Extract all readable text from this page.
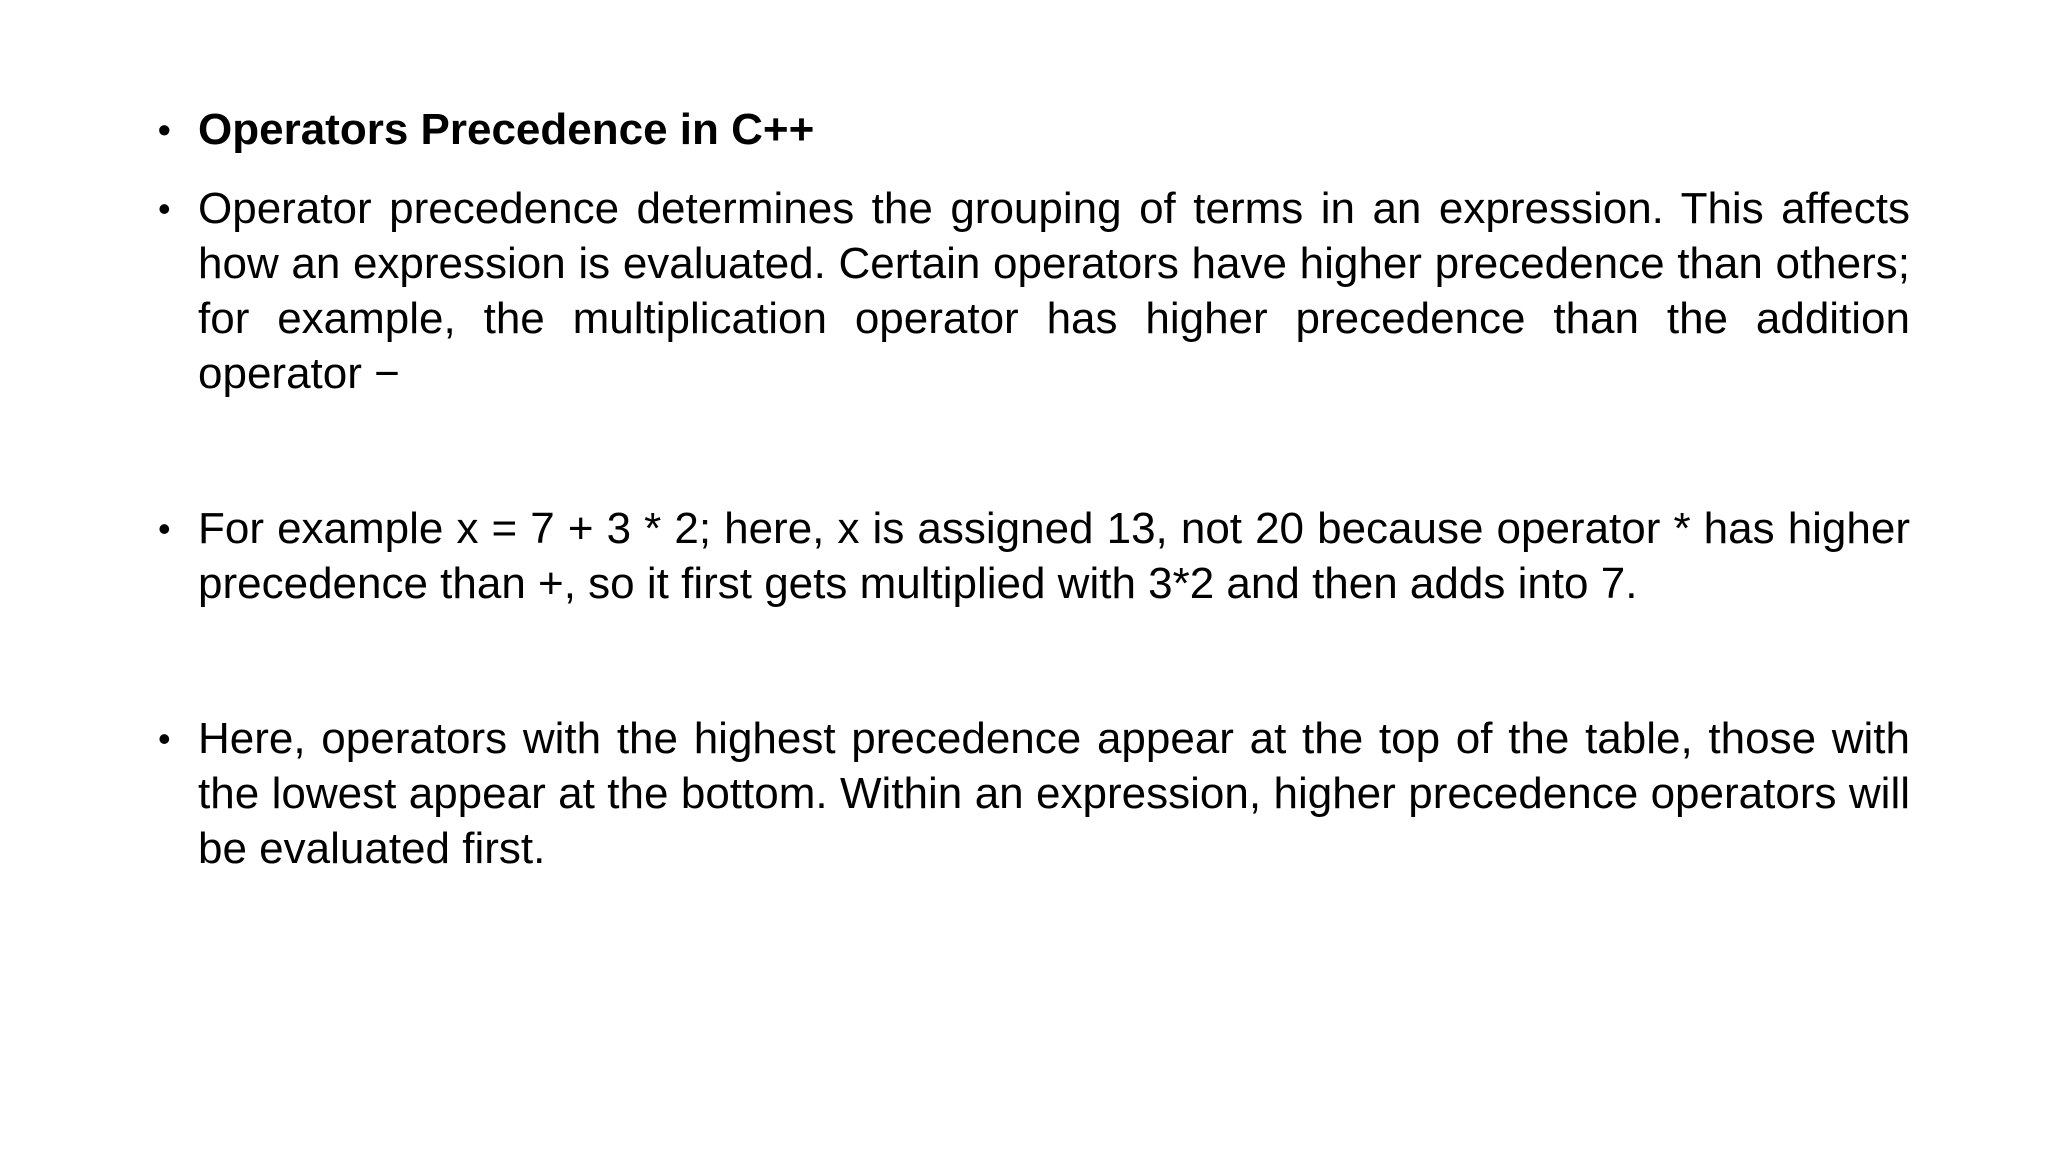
• Operators Precedence in C++
• Operator precedence determines the grouping of terms in an expression. This affects how an expression is evaluated. Certain operators have higher precedence than others; for example, the multiplication operator has higher precedence than the addition operator −
• For example x = 7 + 3 * 2; here, x is assigned 13, not 20 because operator * has higher precedence than +, so it first gets multiplied with 3*2 and then adds into 7.
• Here, operators with the highest precedence appear at the top of the table, those with the lowest appear at the bottom. Within an expression, higher precedence operators will be evaluated first.
